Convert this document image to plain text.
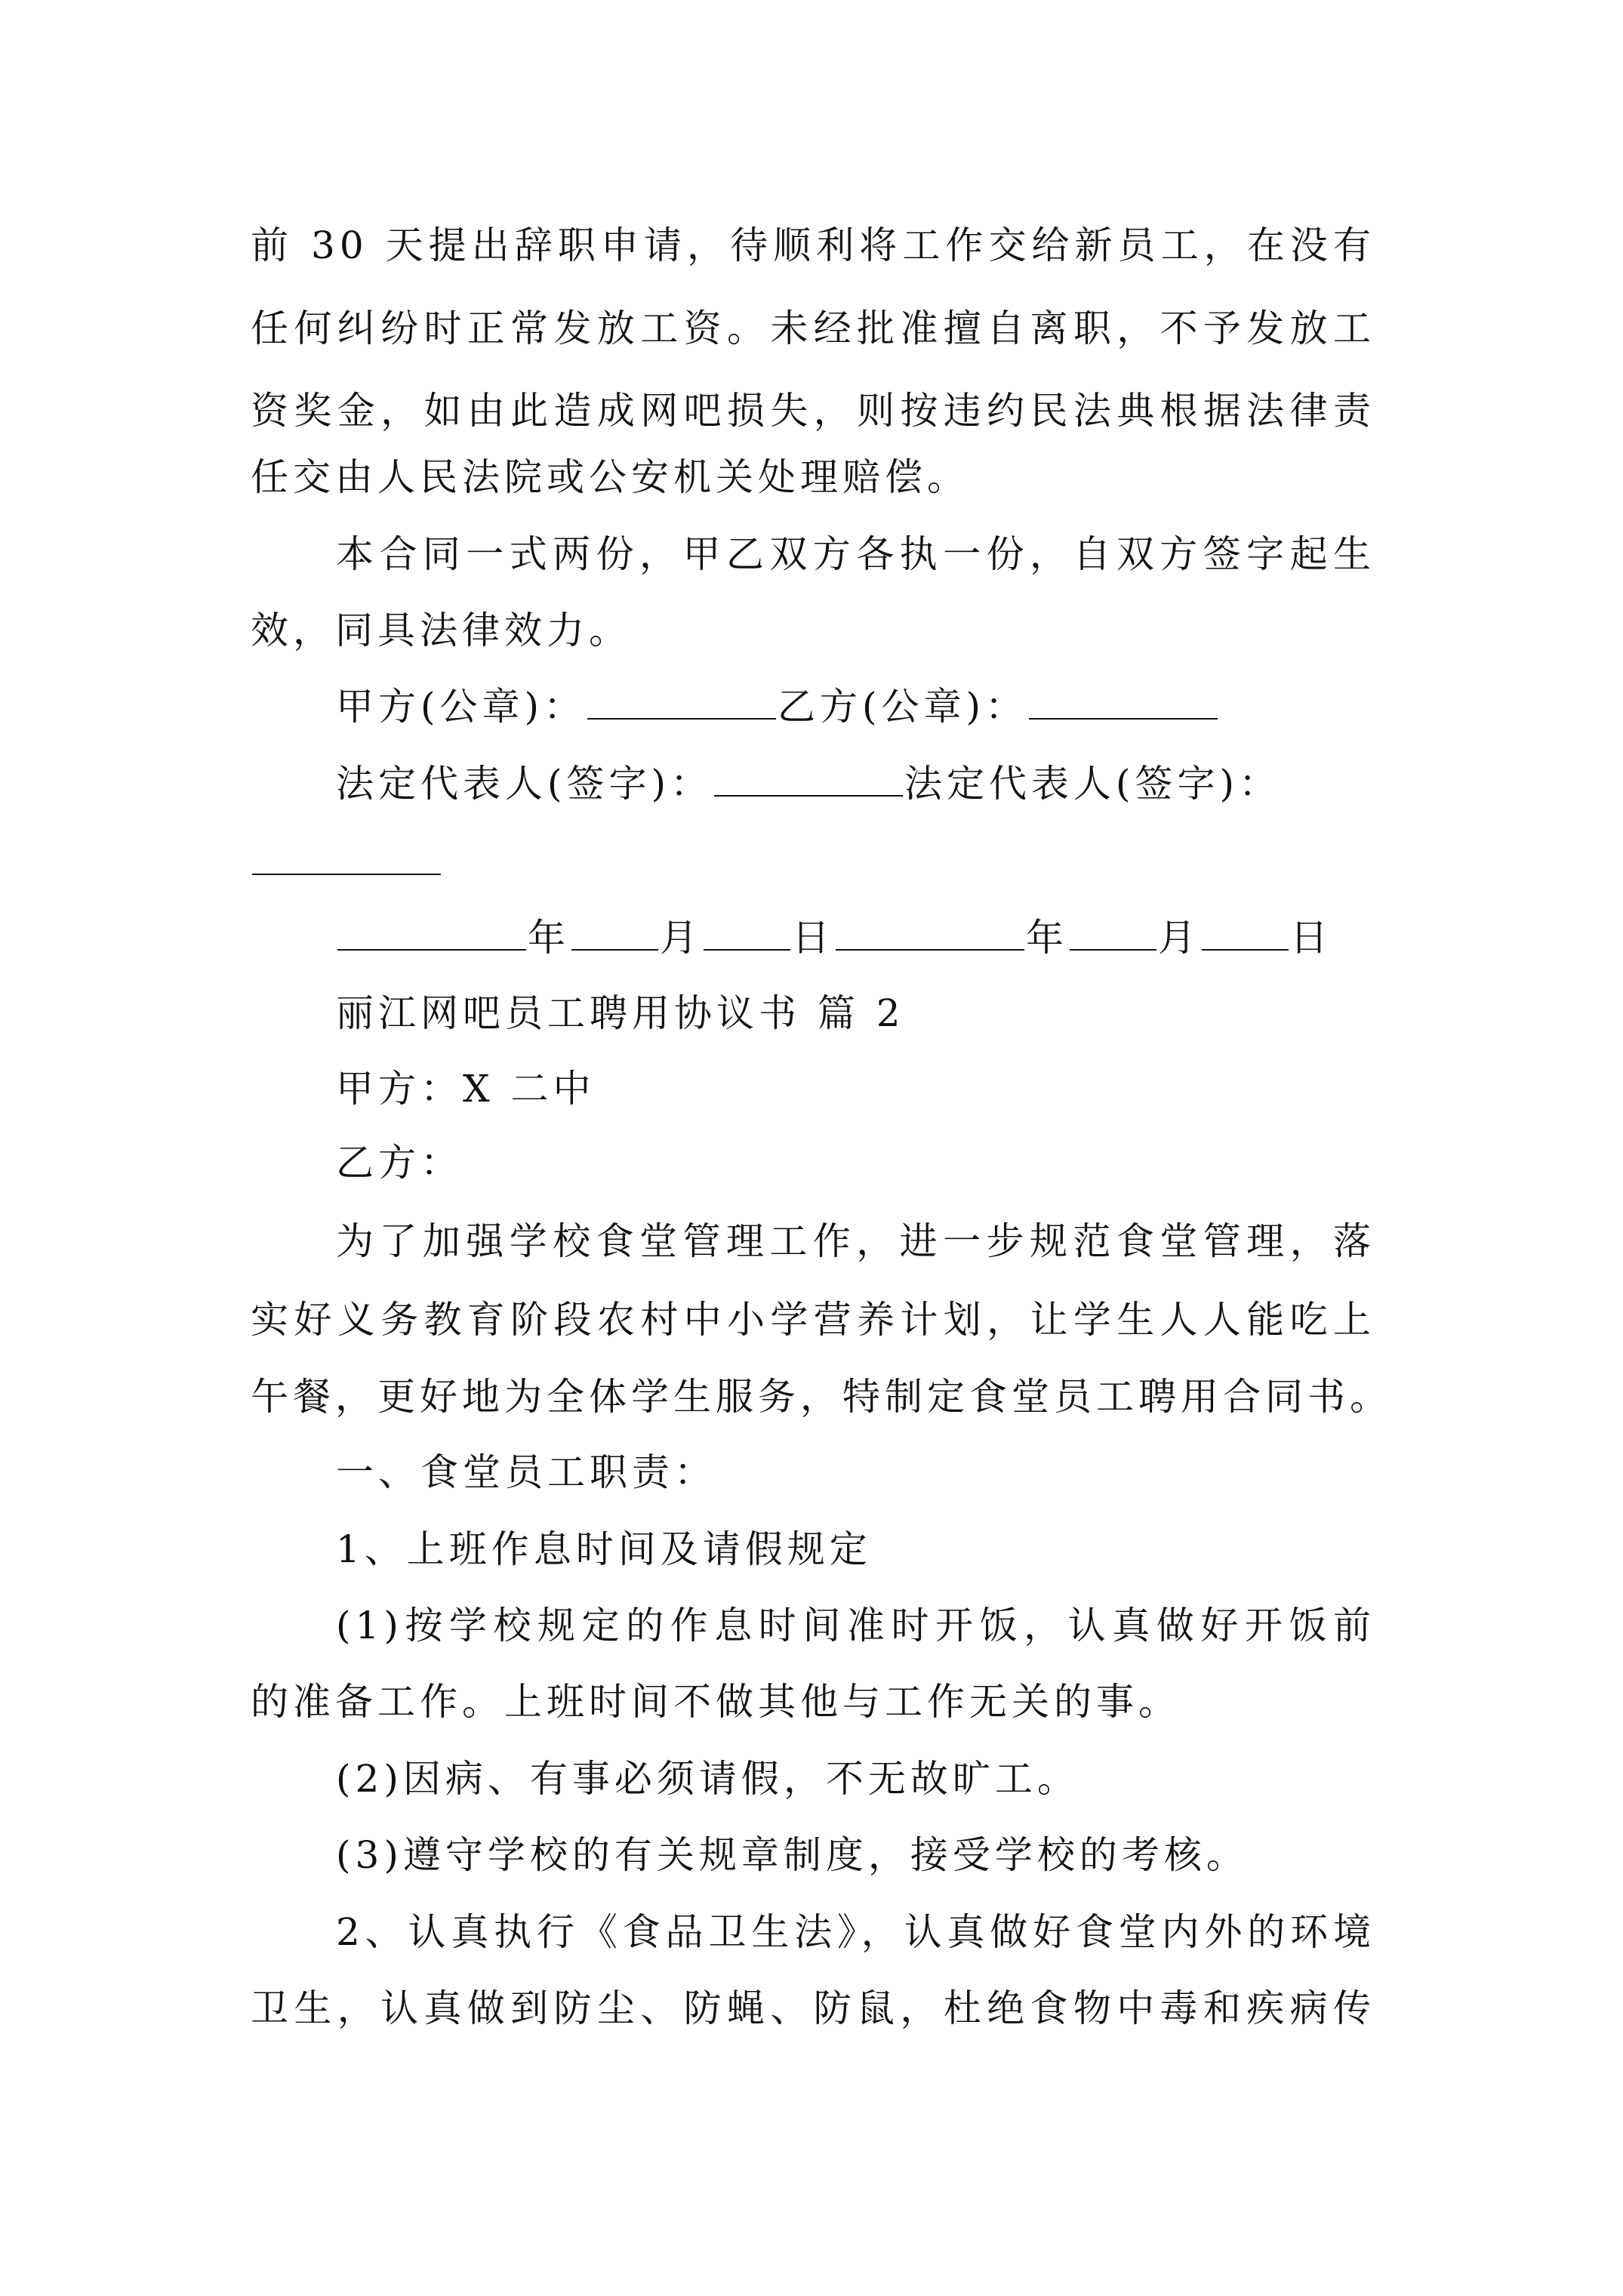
前 30 天提出辞职申请，待顺利将工作交给新员工，在没有
任何纠纷时正常发放工资。未经批准擅自离职，不予发放工
资奖金，如由此造成网吧损失，则按违约民法典根据法律责
任交由人民法院或公安机关处理赔偿。
本合同一式两份，甲乙双方各执一份，自双方签字起生
效，同具法律效力。
甲方(公章)：	乙方(公章)：
法定代表人(签字)：	法定代表人(签字)：
年 月 日	年 月 日
丽江网吧员工聘用协议书 篇 2
甲方：X 二中
乙方：
为了加强学校食堂管理工作，进一步规范食堂管理，落
实好义务教育阶段农村中小学营养计划，让学生人人能吃上
午餐，更好地为全体学生服务，特制定食堂员工聘用合同书。
一、食堂员工职责：
1、上班作息时间及请假规定
(1)按学校规定的作息时间准时开饭，认真做好开饭前
的准备工作。上班时间不做其他与工作无关的事。
(2)因病、有事必须请假，不无故旷工。
(3)遵守学校的有关规章制度，接受学校的考核。
2、认真执行《食品卫生法》，认真做好食堂内外的环境
卫生，认真做到防尘、防蝇、防鼠，杜绝食物中毒和疾病传
